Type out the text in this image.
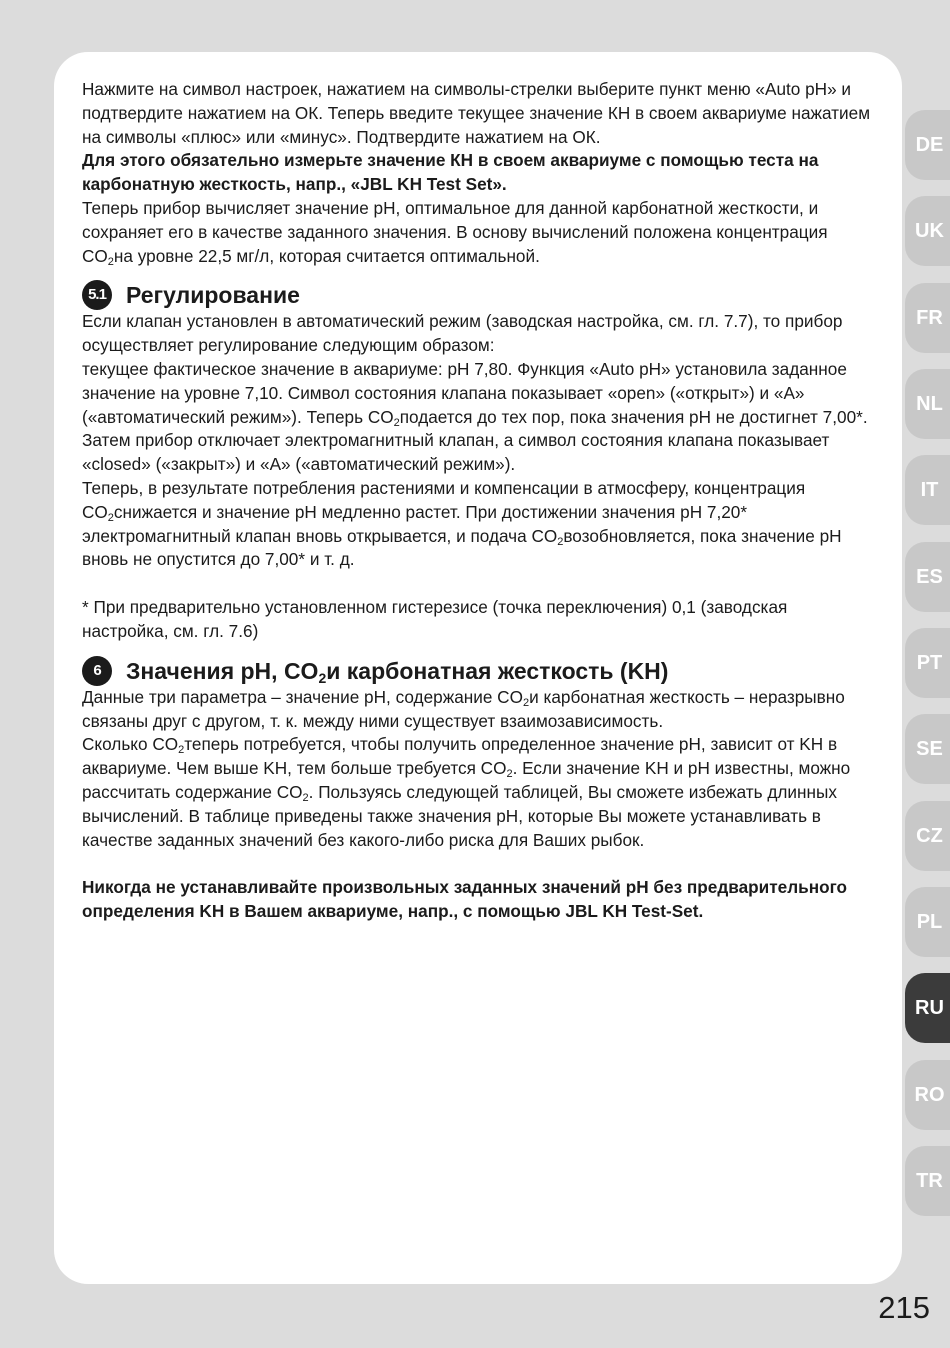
Нажмите на символ настроек, нажатием на символы-стрелки выберите пункт меню «Auto pH» и подтвердите нажатием на ОК. Теперь введите текущее значение КН в своем аквариуме нажатием на символы «плюс» или «минус». Подтвердите нажатием на ОК.

Для этого обязательно измерьте значение КН в своем аквариуме с помощью теста на карбонатную жесткость, напр., «JBL KH Test Set».

Теперь прибор вычисляет значение pH, оптимальное для данной карбонатной жесткости, и сохраняет его в качестве заданного значения. В основу вычислений положена концентрация $CO_2на$ уровне 22,5 мг/л, которая считается оптимальной.

5.1 Регулирование

Если клапан установлен в автоматический режим (заводская настройка, см. гл. 7.7), то прибор осуществляет регулирование следующим образом:

текущее фактическое значение в аквариуме: pH 7,80. Функция «Auto pH» установила заданное значение на уровне 7,10. Символ состояния клапана показывает «open» («открыт») и «A» («автоматический режим»). Теперь $CO_2подается$ до тех пор, пока значения pH не достигнет 7,00*. Затем прибор отключает электромагнитный клапан, а символ состояния клапана показывает «closed» («закрыт») и «A» («автоматический режим»).

Теперь, в результате потребления растениями и компенсации в атмосферу, концентрация $CO_2снижается$ и значение pH медленно растет. При достижении значения pH 7,20* электромагнитный клапан вновь открывается, и подача $CO_2возобновляется$, пока значение pH вновь не опустится до 7,00* и т. д.

* При предварительно установленном гистерезисе (точка переключения) 0,1 (заводская настройка, см. гл. 7.6)

6	Значения pH, $CO_2и$ карбонатная жесткость (KH)

Данные три параметра – значение pH, содержание $CO_2и$ карбонатная жесткость – неразрывно связаны друг с другом, т. к. между ними существует взаимозависимость.

Сколько $CO_2теперь$ потребуется, чтобы получить определенное значение pH, зависит от KH в аквариуме. Чем выше KH, тем больше требуется $CO_2$. Если значение KH и pH известны, можно рассчитать содержание $CO_2$. Пользуясь следующей таблицей, Вы сможете избежать длинных вычислений. В таблице приведены также значения pH, которые Вы можете устанавливать в качестве заданных значений без какого-либо риска для Ваших рыбок.

Никогда не устанавливайте произвольных заданных значений pH без предварительного определения KH в Вашем аквариуме, напр., с помощью JBL KH Test-Set.

DE
UK
FR
NL
IT
ES
PT
SE
CZ
PL
RU
RO
TR
215
